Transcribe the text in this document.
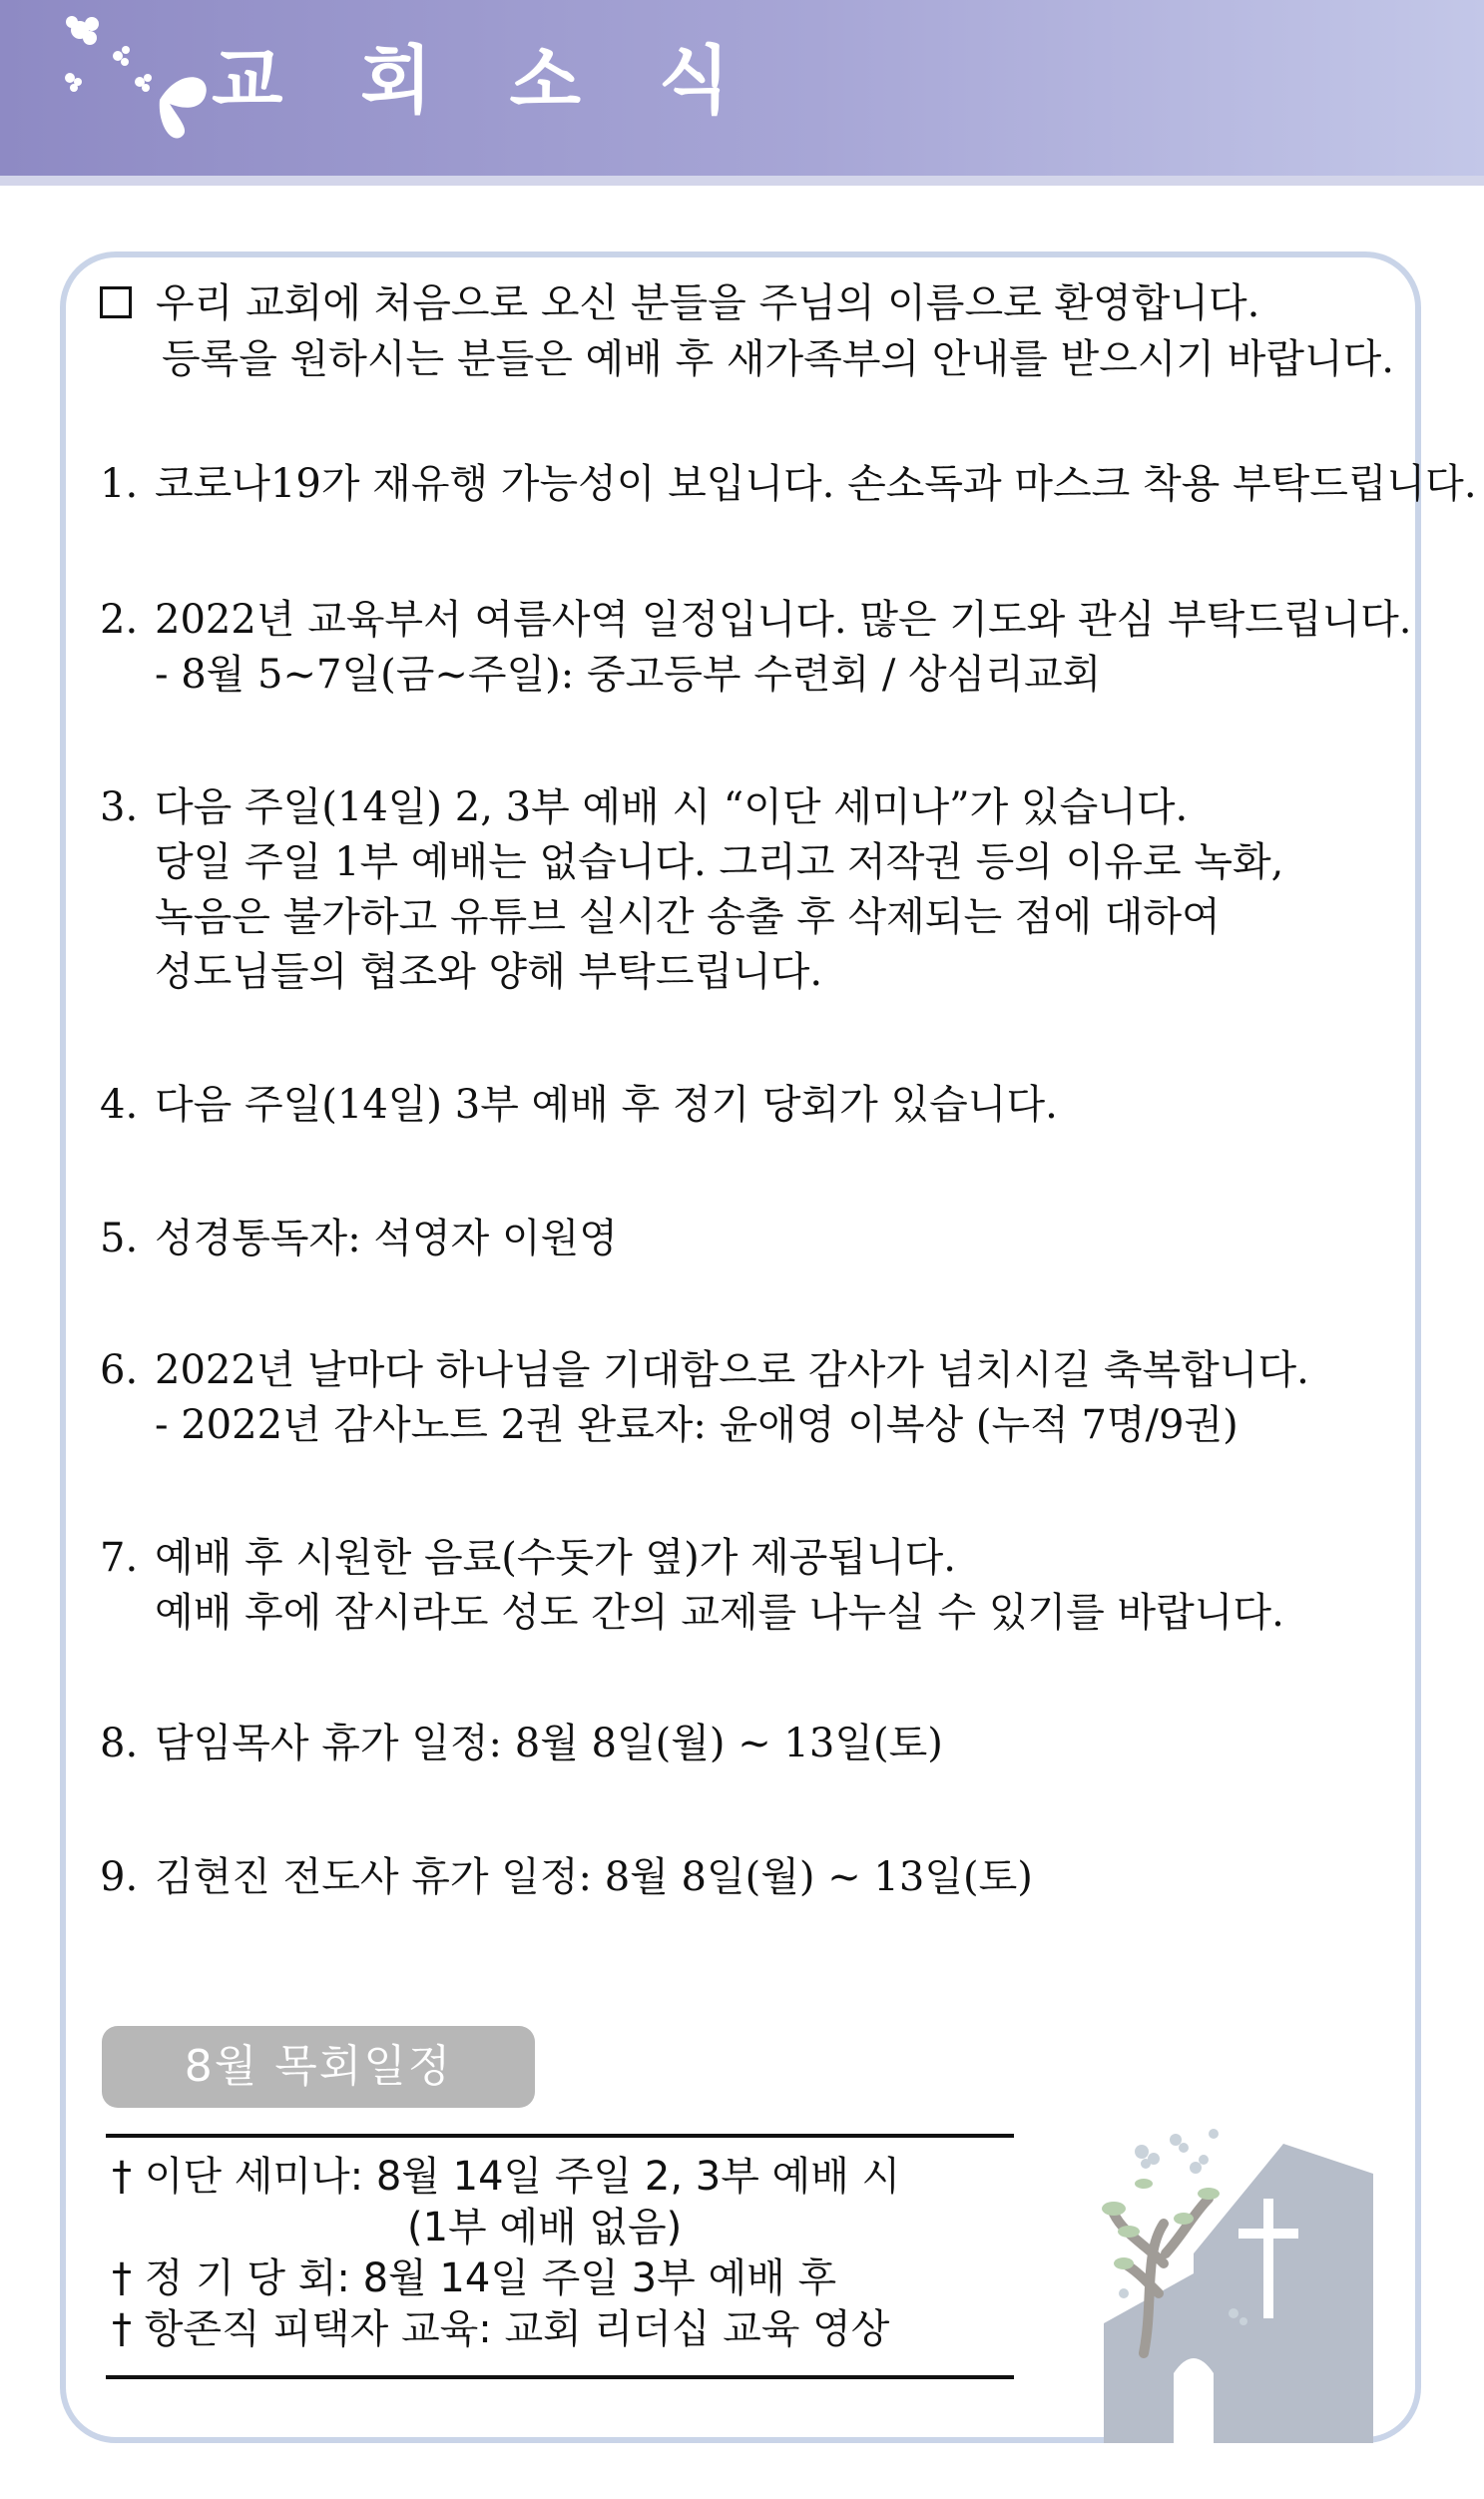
교 회 소 식
우리 교회에 처음으로 오신 분들을 주님의 이름으로 환영합니다.
등록을 원하시는 분들은 예배 후 새가족부의 안내를 받으시기 바랍니다.
1. 코로나19가 재유행 가능성이 보입니다. 손소독과 마스크 착용 부탁드립니다.
2. 2022년 교육부서 여름사역 일정입니다. 많은 기도와 관심 부탁드립니다.
- 8월 5~7일(금~주일): 중고등부 수련회 / 상심리교회
3. 다음 주일(14일) 2, 3부 예배 시 “이단 세미나”가 있습니다.
당일 주일 1부 예배는 없습니다. 그리고 저작권 등의 이유로 녹화,
녹음은 불가하고 유튜브 실시간 송출 후 삭제되는 점에 대하여
성도님들의 협조와 양해 부탁드립니다.
4. 다음 주일(14일) 3부 예배 후 정기 당회가 있습니다.
5. 성경통독자: 석영자 이원영
6. 2022년 날마다 하나님을 기대함으로 감사가 넘치시길 축복합니다.
- 2022년 감사노트 2권 완료자: 윤애영 이복상 (누적 7명/9권)
7. 예배 후 시원한 음료(수돗가 옆)가 제공됩니다.
예배 후에 잠시라도 성도 간의 교제를 나누실 수 있기를 바랍니다.
8. 담임목사 휴가 일정: 8월 8일(월) ~ 13일(토)
9. 김현진 전도사 휴가 일정: 8월 8일(월) ~ 13일(토)
8월 목회일정
† 이단 세미나: 8월 14일 주일 2, 3부 예배 시
(1부 예배 없음)
† 정 기 당 회: 8월 14일 주일 3부 예배 후
† 항존직 피택자 교육: 교회 리더십 교육 영상
